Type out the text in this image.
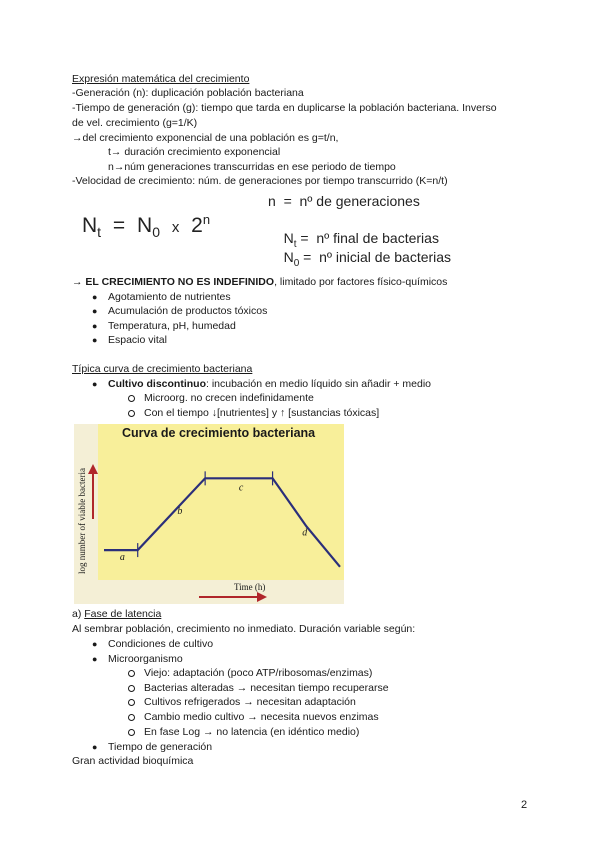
Expresión matemática del crecimiento
-Generación (n): duplicación población bacteriana
-Tiempo de generación (g): tiempo que tarda en duplicarse la población bacteriana. Inverso
de vel. crecimiento (g=1/K)
→del crecimiento exponencial de una población es g=t/n,
t→ duración crecimiento exponencial
n→núm generaciones transcurridas en ese periodo de tiempo
-Velocidad de crecimiento: núm. de generaciones por tiempo transcurrido (K=n/t)
$N_t = N_0$ x 2$^n$
n  =  nº de generaciones

$N_t$ =  nº final de bacterias

$N_0$ =  nº inicial de bacterias

→ EL CRECIMIENTO NO ES INDEFINIDO, limitado por factores físico-químicos
● Agotamiento de nutrientes
● Acumulación de productos tóxicos
● Temperatura, pH, humedad
● Espacio vital
Típica curva de crecimiento bacteriana
● Cultivo discontinuo: incubación en medio líquido sin añadir + medio
Microorg. no crecen indefinidamente
Con el tiempo ↓[nutrientes] y ↑ [sustancias tóxicas]
Curva de crecimiento bacteriana
log number of viable bacteria
Time (h)
a
b
c
d
a) Fase de latencia
Al sembrar población, crecimiento no inmediato. Duración variable según:
● Condiciones de cultivo
● Microorganismo
Viejo: adaptación (poco ATP/ribosomas/enzimas)
Bacterias alteradas → necesitan tiempo recuperarse
Cultivos refrigerados → necesitan adaptación
Cambio medio cultivo → necesita nuevos enzimas
En fase Log → no latencia (en idéntico medio)
● Tiempo de generación
Gran actividad bioquímica
2
